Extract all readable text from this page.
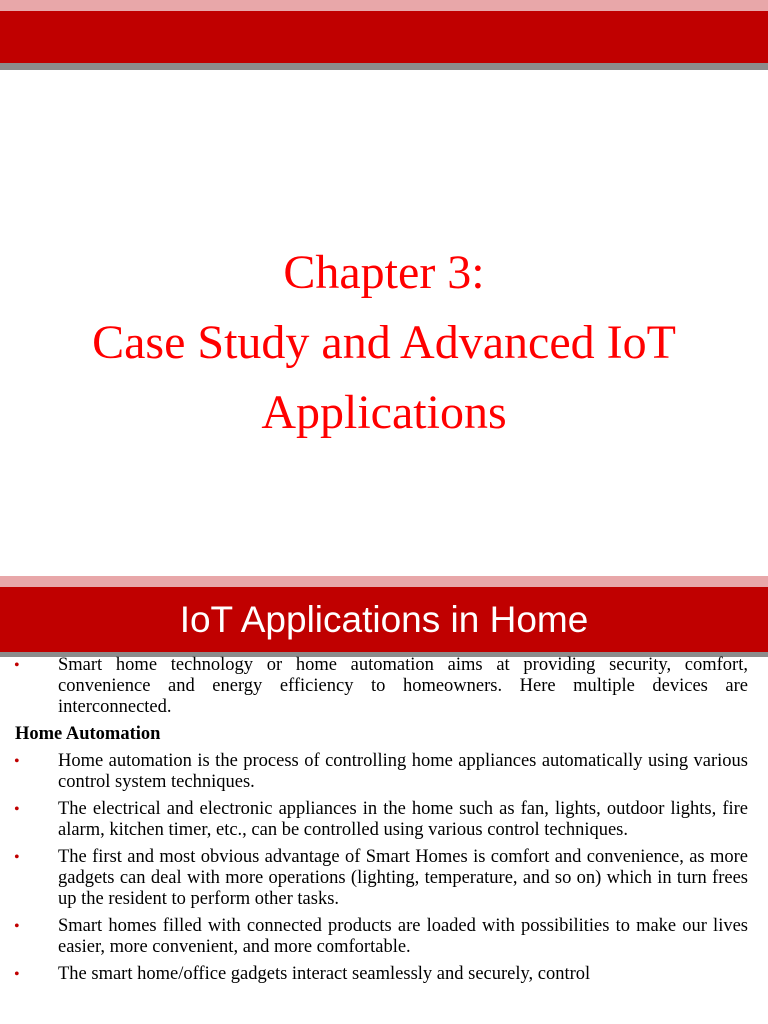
Chapter 3:
Case Study and Advanced IoT
Applications
IoT Applications in Home
• Smart home technology or home automation aims at providing security, comfort, convenience and energy efficiency to homeowners. Here multiple devices are interconnected.
Home Automation
• Home automation is the process of controlling home appliances automatically using various control system techniques.
• The electrical and electronic appliances in the home such as fan, lights, outdoor lights, fire alarm, kitchen timer, etc., can be controlled using various control techniques.
• The first and most obvious advantage of Smart Homes is comfort and convenience, as more gadgets can deal with more operations (lighting, temperature, and so on) which in turn frees up the resident to perform other tasks.
• Smart homes filled with connected products are loaded with possibilities to make our lives easier, more convenient, and more comfortable.
• The smart home/office gadgets interact seamlessly and securely, control
